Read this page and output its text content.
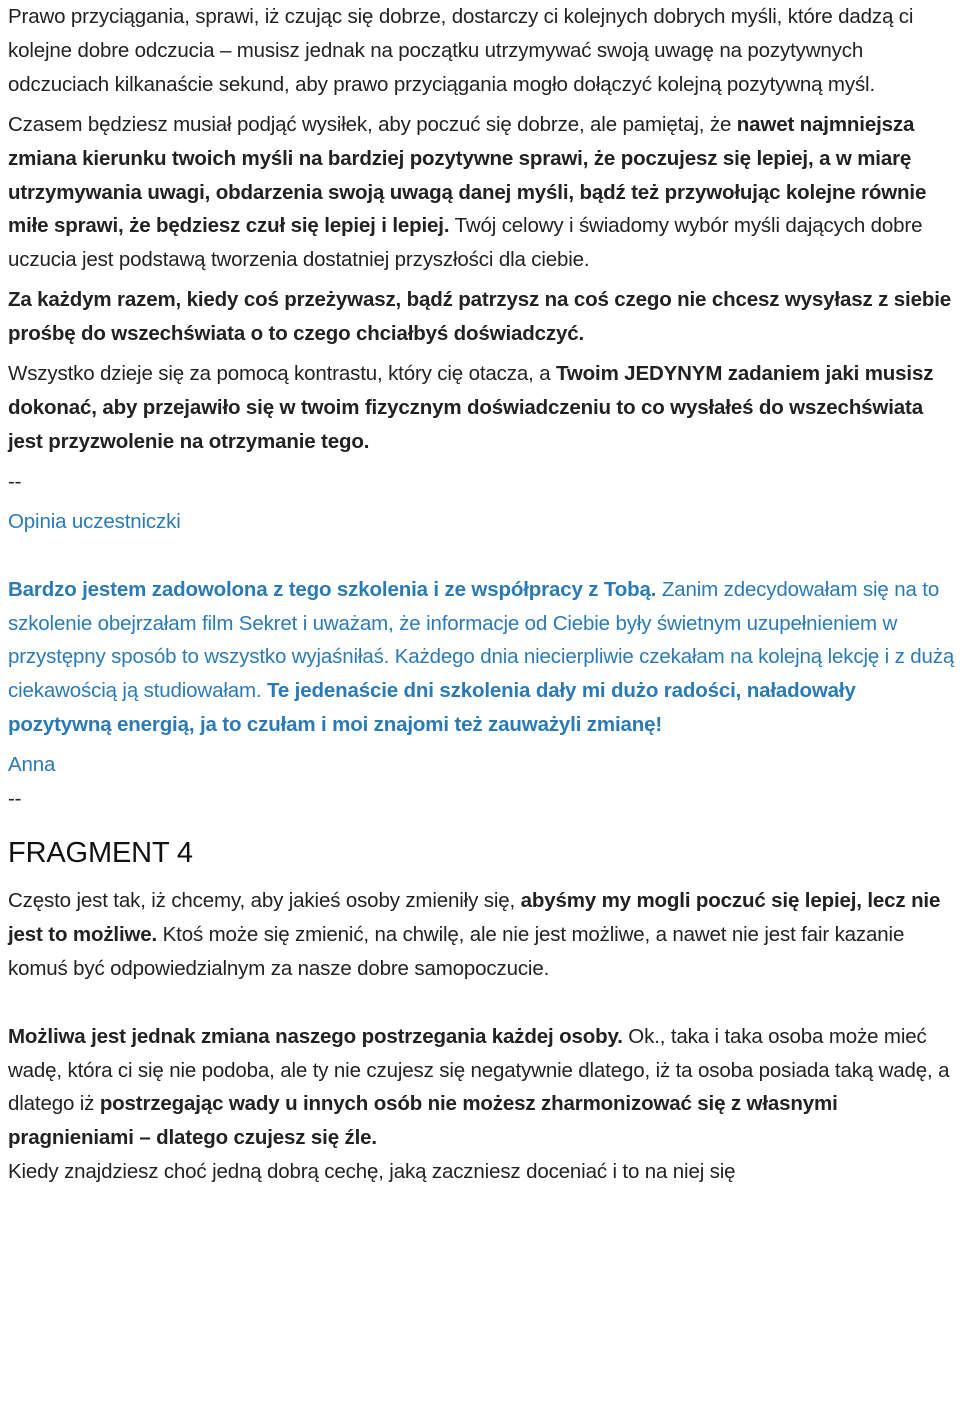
Prawo przyciągania, sprawi, iż czując się dobrze, dostarczy ci kolejnych dobrych myśli, które dadzą ci kolejne dobre odczucia – musisz jednak na początku utrzymywać swoją uwagę na pozytywnych odczuciach kilkanaście sekund, aby prawo przyciągania mogło dołączyć kolejną pozytywną myśl.

Czasem będziesz musiał podjąć wysiłek, aby poczuć się dobrze, ale pamiętaj, że nawet najmniejsza zmiana kierunku twoich myśli na bardziej pozytywne sprawi, że poczujesz się lepiej, a w miarę utrzymywania uwagi, obdarzenia swoją uwagą danej myśli, bądź też przywołując kolejne równie miłe sprawi, że będziesz czuł się lepiej i lepiej. Twój celowy i świadomy wybór myśli dających dobre uczucia jest podstawą tworzenia dostatniej przyszłości dla ciebie.

Za każdym razem, kiedy coś przeżywasz, bądź patrzysz na coś czego nie chcesz wysyłasz z siebie prośbę do wszechświata o to czego chciałbyś doświadczyć.

Wszystko dzieje się za pomocą kontrastu, który cię otacza, a Twoim JEDYNYM zadaniem jaki musisz dokonać, aby przejawiło się w twoim fizycznym doświadczeniu to co wysłałeś do wszechświata jest przyzwolenie na otrzymanie tego.

--

Opinia uczestniczki

Bardzo jestem zadowolona z tego szkolenia i ze współpracy z Tobą. Zanim zdecydowałam się na to szkolenie obejrzałam film Sekret i uważam, że informacje od Ciebie były świetnym uzupełnieniem w przystępny sposób to wszystko wyjaśniłaś. Każdego dnia niecierpliwie czekałam na kolejną lekcję i z dużą ciekawością ją studiowałam. Te jedenaście dni szkolenia dały mi dużo radości, naładowały pozytywną energią, ja to czułam i moi znajomi też zauważyli zmianę!

Anna

--

FRAGMENT 4

Często jest tak, iż chcemy, aby jakieś osoby zmieniły się, abyśmy my mogli poczuć się lepiej, lecz nie jest to możliwe. Ktoś może się zmienić, na chwilę, ale nie jest możliwe, a nawet nie jest fair kazanie komuś być odpowiedzialnym za nasze dobre samopoczucie.

Możliwa jest jednak zmiana naszego postrzegania każdej osoby. Ok., taka i taka osoba może mieć wadę, która ci się nie podoba, ale ty nie czujesz się negatywnie dlatego, iż ta osoba posiada taką wadę, a dlatego iż postrzegając wady u innych osób nie możesz zharmonizować się z własnymi pragnieniami – dlatego czujesz się źle.

Kiedy znajdziesz choć jedną dobrą cechę, jaką zaczniesz doceniać i to na niej się
